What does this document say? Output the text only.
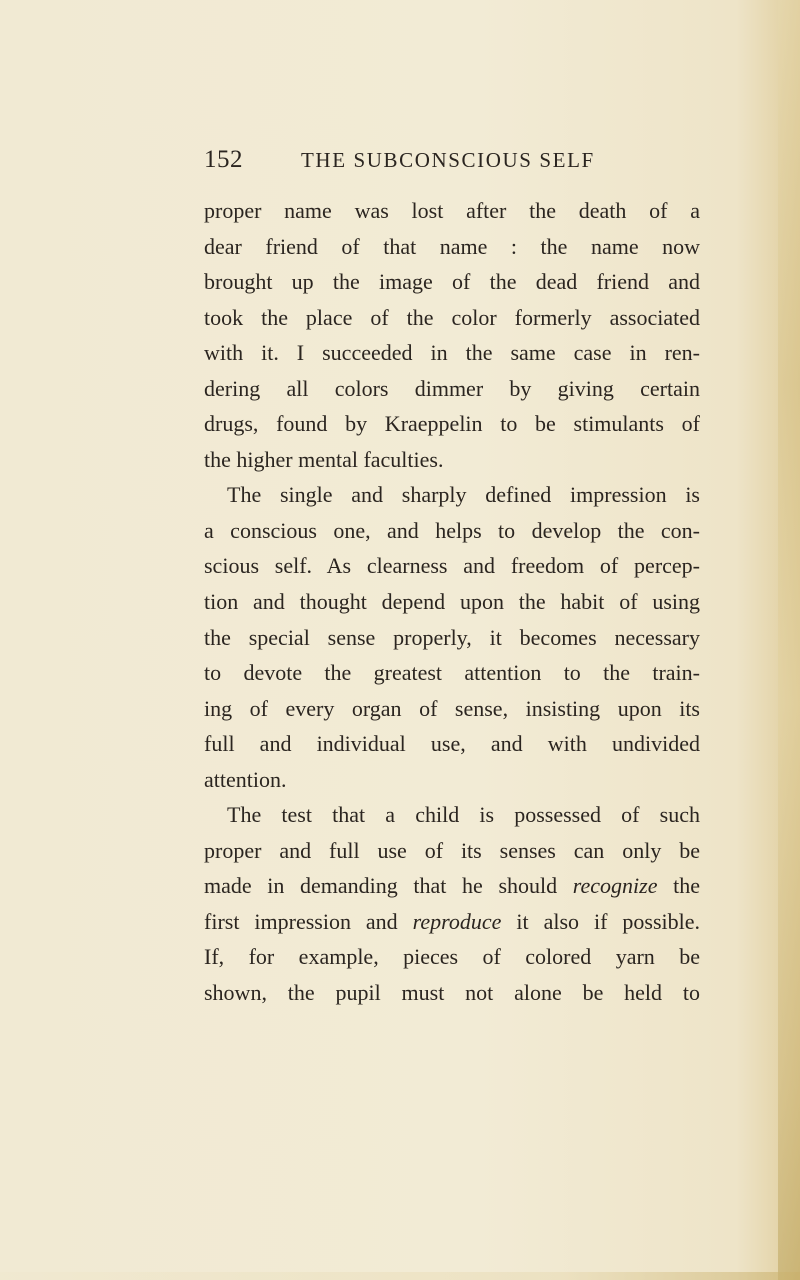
152	THE SUBCONSCIOUS SELF
proper name was lost after the death of a
dear friend of that name : the name now
brought up the image of the dead friend and
took the place of the color formerly associated
with it. I succeeded in the same case in ren-
dering all colors dimmer by giving certain
drugs, found by Kraeppelin to be stimulants of
the higher mental faculties.
The single and sharply defined impression is
a conscious one, and helps to develop the con-
scious self. As clearness and freedom of percep-
tion and thought depend upon the habit of using
the special sense properly, it becomes necessary
to devote the greatest attention to the train-
ing of every organ of sense, insisting upon its
full and individual use, and with undivided
attention.
The test that a child is possessed of such
proper and full use of its senses can only be
made in demanding that he should recognize the
first impression and reproduce it also if possible.
If, for example, pieces of colored yarn be
shown, the pupil must not alone be held to
